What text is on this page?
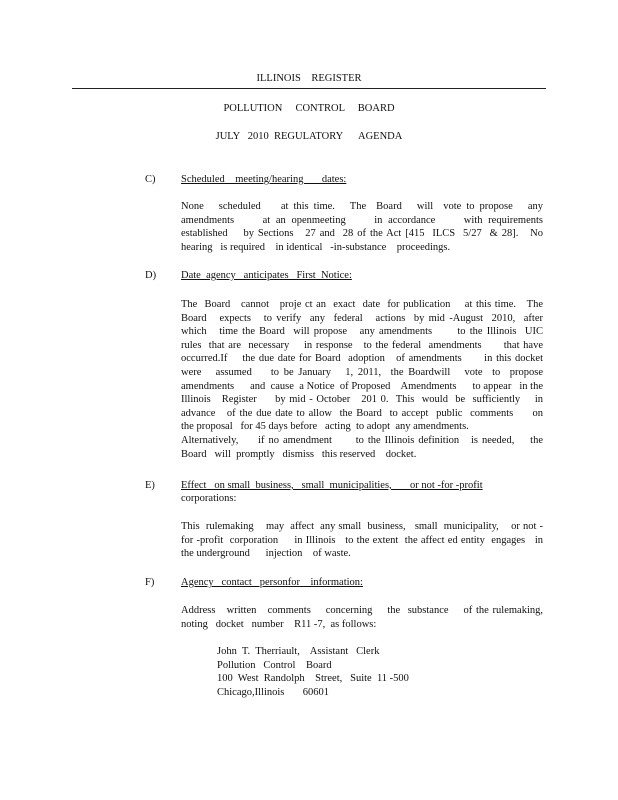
ILLINOIS    REGISTER
POLLUTION     CONTROL     BOARD
JULY   2010  REGULATORY      AGENDA
C) Scheduled    meeting/hearing       dates:
None   scheduled    at this time.   The  Board   will  vote to propose   any
amendments     at an openmeeting     in accordance     with requirements
established    by Sections   27 and  28 of the Act [415  ILCS  5/27  & 28].   No
hearing   is required    in identical   -in-substance    proceedings.
D) Date  agency   anticipates   First  Notice:
The  Board   cannot   proje ct an  exact  date  for publication    at this time.   The
Board   expects   to verify  any  federal   actions  by mid -August  2010,  after
which   time the Board  will propose   any amendments      to the Illinois  UIC
rules  that are  necessary    in response   to the federal  amendments      that have
occurred.If    the due date for Board  adoption   of amendments      in this docket
were   assumed    to be January   1, 2011,  the Boardwill   vote  to  propose
amendments      and  cause  a Notice  of Proposed    Amendments      to appear   in the
Illinois   Register     by mid - October   201 0.  This  would  be  sufficiently    in
advance   of the due date to allow  the Board  to accept  public  comments     on
the proposal   for 45 days before   acting  to adopt  any amendments.
Alternatively,     if no amendment      to the Illinois definition   is needed,    the
Board   will  promptly   dismiss   this reserved    docket.
E) Effect   on small  business,   small  municipalities,       or not -for -profit
corporations:
This  rulemaking    may  affect  any small  business,   small  municipality,    or not -
for -profit  corporation     in Illinois   to the extent  the affect ed entity  engages   in
the underground      injection    of waste.
F)	Agency   contact   personfor    information:
Address   written   comments    concerning    the  substance    of the rulemaking,
noting   docket   number    R11 -7,  as follows:
John  T.  Therriault,    Assistant   Clerk
Pollution   Control    Board
100  West  Randolph    Street,   Suite  11 -500
Chicago,Illinois       60601
